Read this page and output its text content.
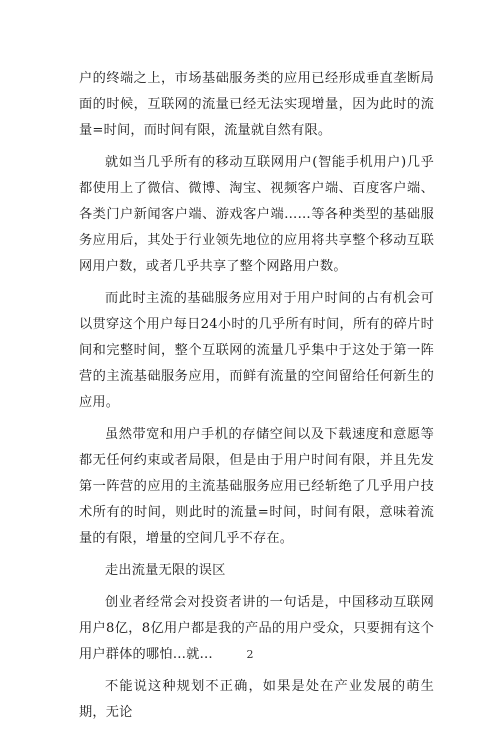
户的终端之上，市场基础服务类的应用已经形成垂直垄断局面的时候，互联网的流量已经无法实现增量，因为此时的流量=时间，而时间有限，流量就自然有限。

就如当几乎所有的移动互联网用户(智能手机用户)几乎都使用上了微信、微博、淘宝、视频客户端、百度客户端、各类门户新闻客户端、游戏客户端……等各种类型的基础服务应用后，其处于行业领先地位的应用将共享整个移动互联网用户数，或者几乎共享了整个网路用户数。

而此时主流的基础服务应用对于用户时间的占有机会可以贯穿这个用户每日24小时的几乎所有时间，所有的碎片时间和完整时间，整个互联网的流量几乎集中于这处于第一阵营的主流基础服务应用，而鲜有流量的空间留给任何新生的应用。

虽然带宽和用户手机的存储空间以及下载速度和意愿等都无任何约束或者局限，但是由于用户时间有限，并且先发第一阵营的应用的主流基础服务应用已经斩绝了几乎用户技术所有的时间，则此时的流量=时间，时间有限，意味着流量的有限，增量的空间几乎不存在。

走出流量无限的误区

创业者经常会对投资者讲的一句话是，中国移动互联网用户8亿，8亿用户都是我的产品的用户受众，只要拥有这个用户群体的哪怕…就…

不能说这种规划不正确，如果是处在产业发展的萌生期，无论

2
